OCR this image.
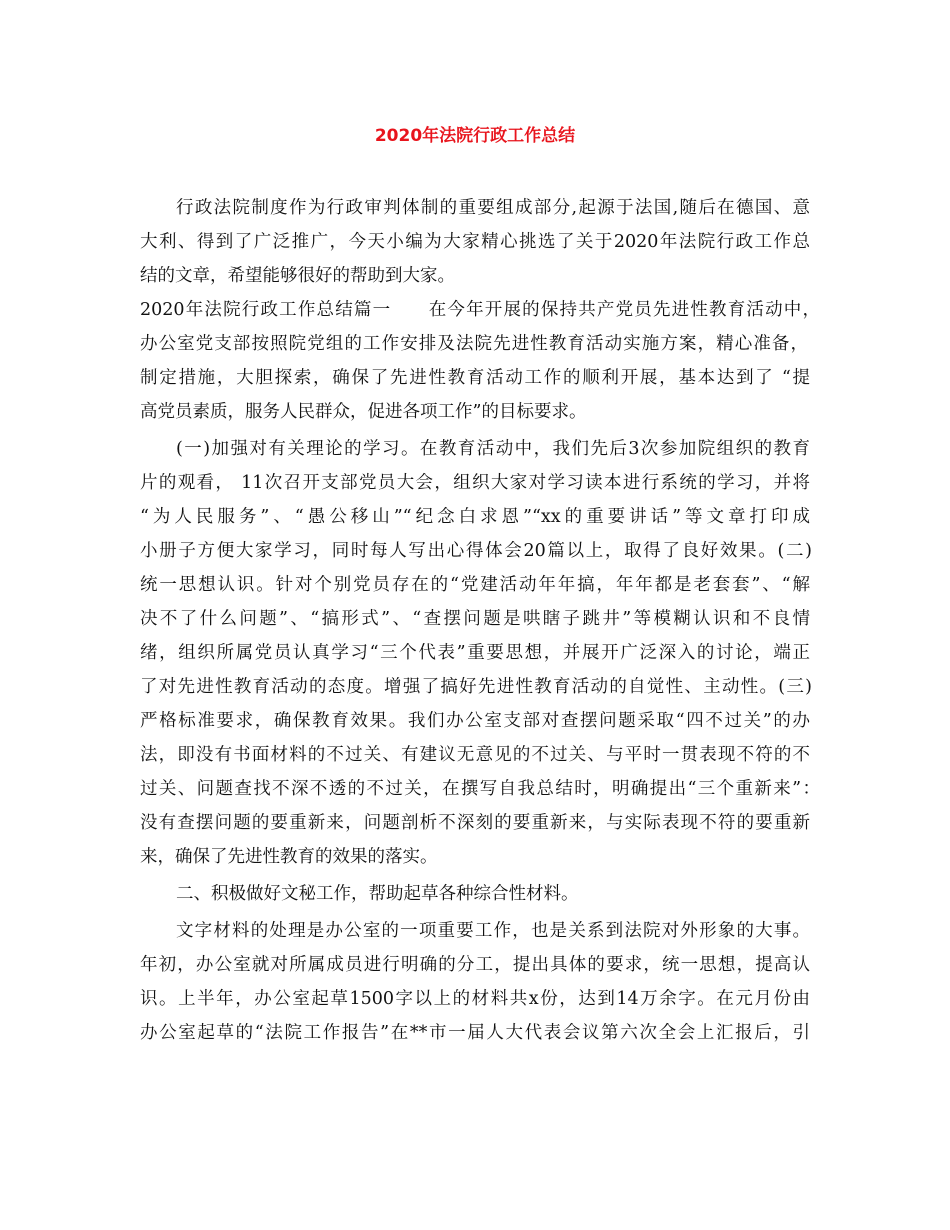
2020年法院行政工作总结
行政法院制度作为行政审判体制的重要组成部分,起源于法国,随后在德国、意
大利、得到了广泛推广，今天小编为大家精心挑选了关于2020年法院行政工作总
结的文章，希望能够很好的帮助到大家。
2020年法院行政工作总结篇一　　在今年开展的保持共产党员先进性教育活动中，
办公室党支部按照院党组的工作安排及法院先进性教育活动实施方案，精心准备，
制定措施，大胆探索，确保了先进性教育活动工作的顺利开展，基本达到了 “提
高党员素质，服务人民群众，促进各项工作”的目标要求。
(一)加强对有关理论的学习。在教育活动中，我们先后3次参加院组织的教育
片的观看， 11次召开支部党员大会，组织大家对学习读本进行系统的学习，并将
“为人民服务”、“愚公移山”“纪念白求恩”“xx的重要讲话”等文章打印成
小册子方便大家学习，同时每人写出心得体会20篇以上，取得了良好效果。(二)
统一思想认识。针对个别党员存在的“党建活动年年搞，年年都是老套套”、“解
决不了什么问题”、“搞形式”、“查摆问题是哄瞎子跳井”等模糊认识和不良情
绪，组织所属党员认真学习“三个代表”重要思想，并展开广泛深入的讨论，端正
了对先进性教育活动的态度。增强了搞好先进性教育活动的自觉性、主动性。(三)
严格标准要求，确保教育效果。我们办公室支部对查摆问题采取“四不过关”的办
法，即没有书面材料的不过关、有建议无意见的不过关、与平时一贯表现不符的不
过关、问题查找不深不透的不过关，在撰写自我总结时，明确提出“三个重新来”：
没有查摆问题的要重新来，问题剖析不深刻的要重新来，与实际表现不符的要重新
来，确保了先进性教育的效果的落实。
二、积极做好文秘工作，帮助起草各种综合性材料。
文字材料的处理是办公室的一项重要工作，也是关系到法院对外形象的大事。
年初，办公室就对所属成员进行明确的分工，提出具体的要求，统一思想，提高认
识。上半年，办公室起草1500字以上的材料共x份，达到14万余字。在元月份由
办公室起草的“法院工作报告”在**市一届人大代表会议第六次全会上汇报后，引
